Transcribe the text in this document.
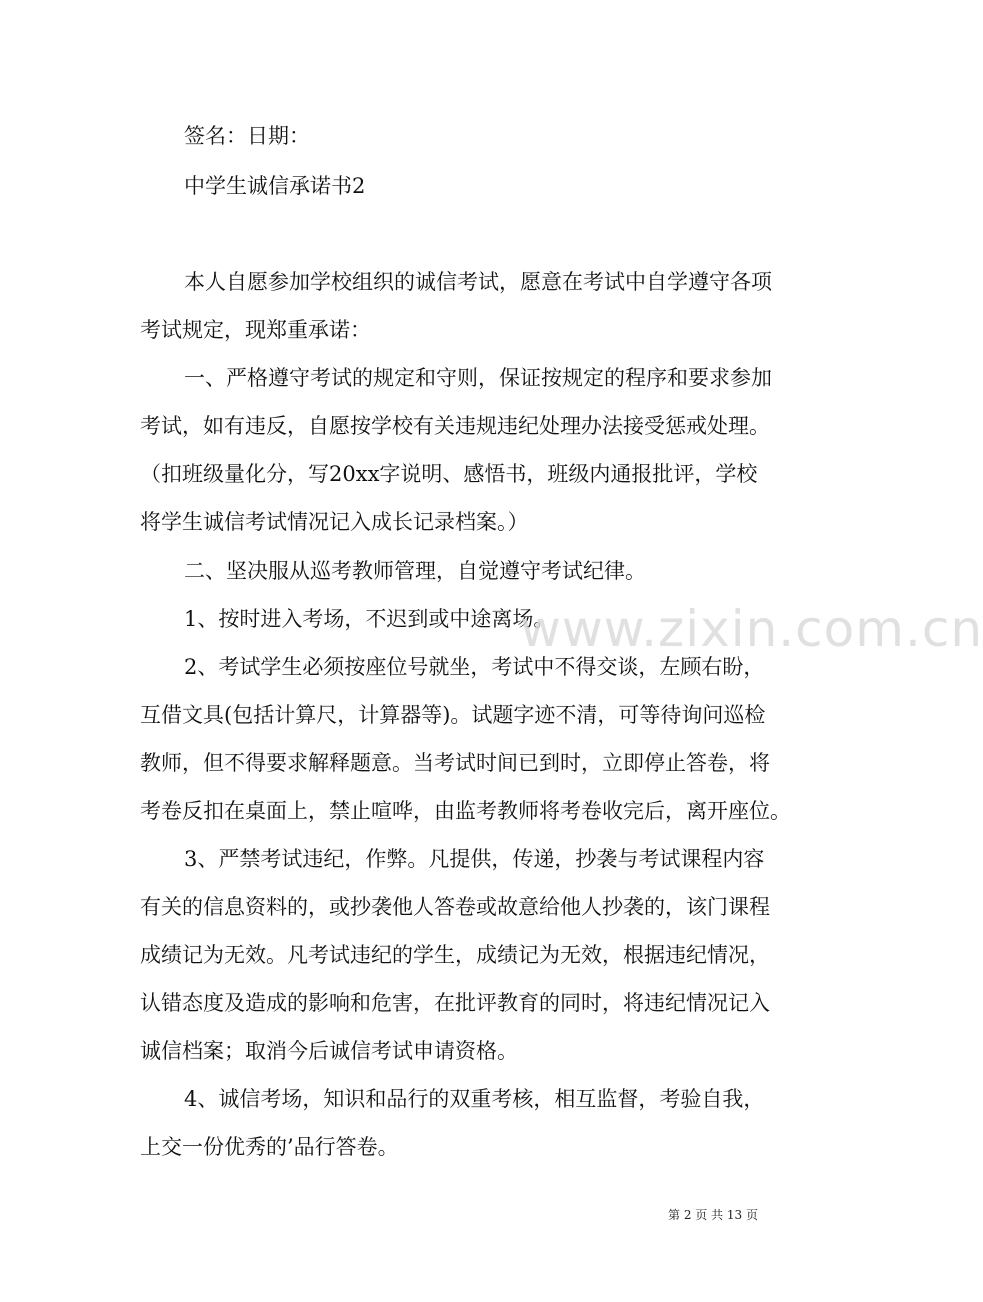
签名：日期：
中学生诚信承诺书2
本人自愿参加学校组织的诚信考试，愿意在考试中自学遵守各项
考试规定，现郑重承诺：
一、严格遵守考试的规定和守则，保证按规定的程序和要求参加
考试，如有违反，自愿按学校有关违规违纪处理办法接受惩戒处理。
（扣班级量化分，写20xx字说明、感悟书，班级内通报批评，学校
将学生诚信考试情况记入成长记录档案。）
二、坚决服从巡考教师管理，自觉遵守考试纪律。
1、按时进入考场，不迟到或中途离场。
2、考试学生必须按座位号就坐，考试中不得交谈，左顾右盼，
互借文具(包括计算尺，计算器等)。试题字迹不清，可等待询问巡检
教师，但不得要求解释题意。当考试时间已到时，立即停止答卷，将
考卷反扣在桌面上，禁止喧哗，由监考教师将考卷收完后，离开座位。
3、严禁考试违纪，作弊。凡提供，传递，抄袭与考试课程内容
有关的信息资料的，或抄袭他人答卷或故意给他人抄袭的，该门课程
成绩记为无效。凡考试违纪的学生，成绩记为无效，根据违纪情况，
认错态度及造成的影响和危害，在批评教育的同时，将违纪情况记入
诚信档案；取消今后诚信考试申请资格。
4、诚信考场，知识和品行的双重考核，相互监督，考验自我，
上交一份优秀的’品行答卷。
www.zixin.com.cn
第 2 页 共 13 页
